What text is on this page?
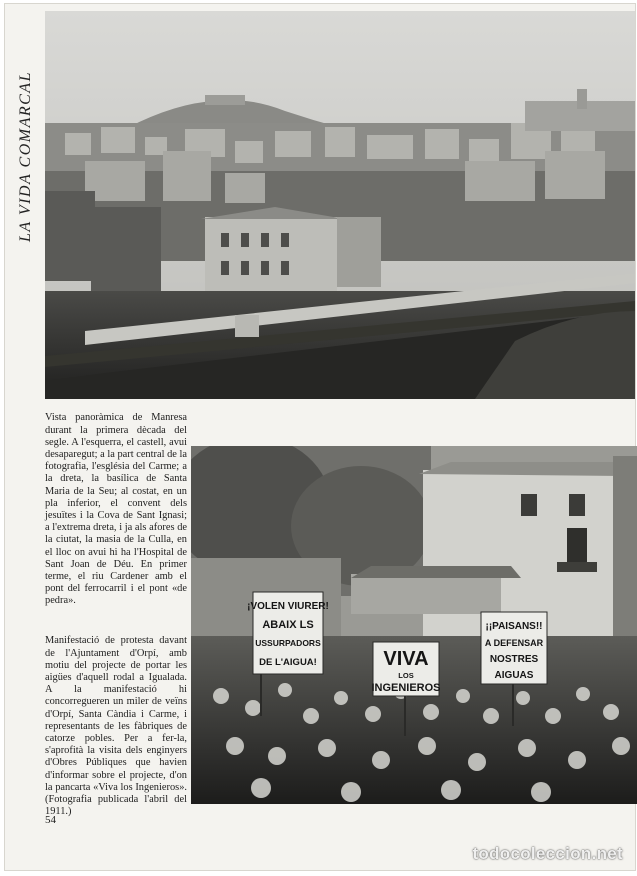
LA VIDA COMARCAL

Vista panoràmica de Manresa durant la primera dècada del segle. A l'esquerra, el castell, avui desaparegut; a la part central de la fotografia, l'església del Carme; a la dreta, la basílica de Santa Maria de la Seu; al costat, en un pla inferior, el convent dels jesuïtes i la Cova de Sant Ignasi; a l'extrema dreta, i ja als afores de la ciutat, la masia de la Culla, en el lloc on avui hi ha l'Hospital de Sant Joan de Déu. En primer terme, el riu Cardener amb el pont del ferrocarril i el pont «de pedra».

¡VOLEN VIURER!
ABAIX LS
USSURPADORS
DE L'AIGUA!	VIVA
LOS
INGENIEROS
¡¡PAISANS!!
A DEFENSAR
NOSTRES
AIGUAS

Manifestació de protesta davant de l'Ajuntament d'Orpí, amb motiu del projecte de portar les aigües d'aquell rodal a Igualada. A la manifestació hi concorregueren un miler de veïns d'Orpí, Santa Càndia i Carme, i representants de les fàbriques de catorze pobles. Per a fer-la, s'aprofità la visita dels enginyers d'Obres Públiques que havien d'informar sobre el projecte, d'on la pancarta «Viva los Ingenieros». (Fotografia publicada l'abril del 1911.)

54
todocoleccion.net
